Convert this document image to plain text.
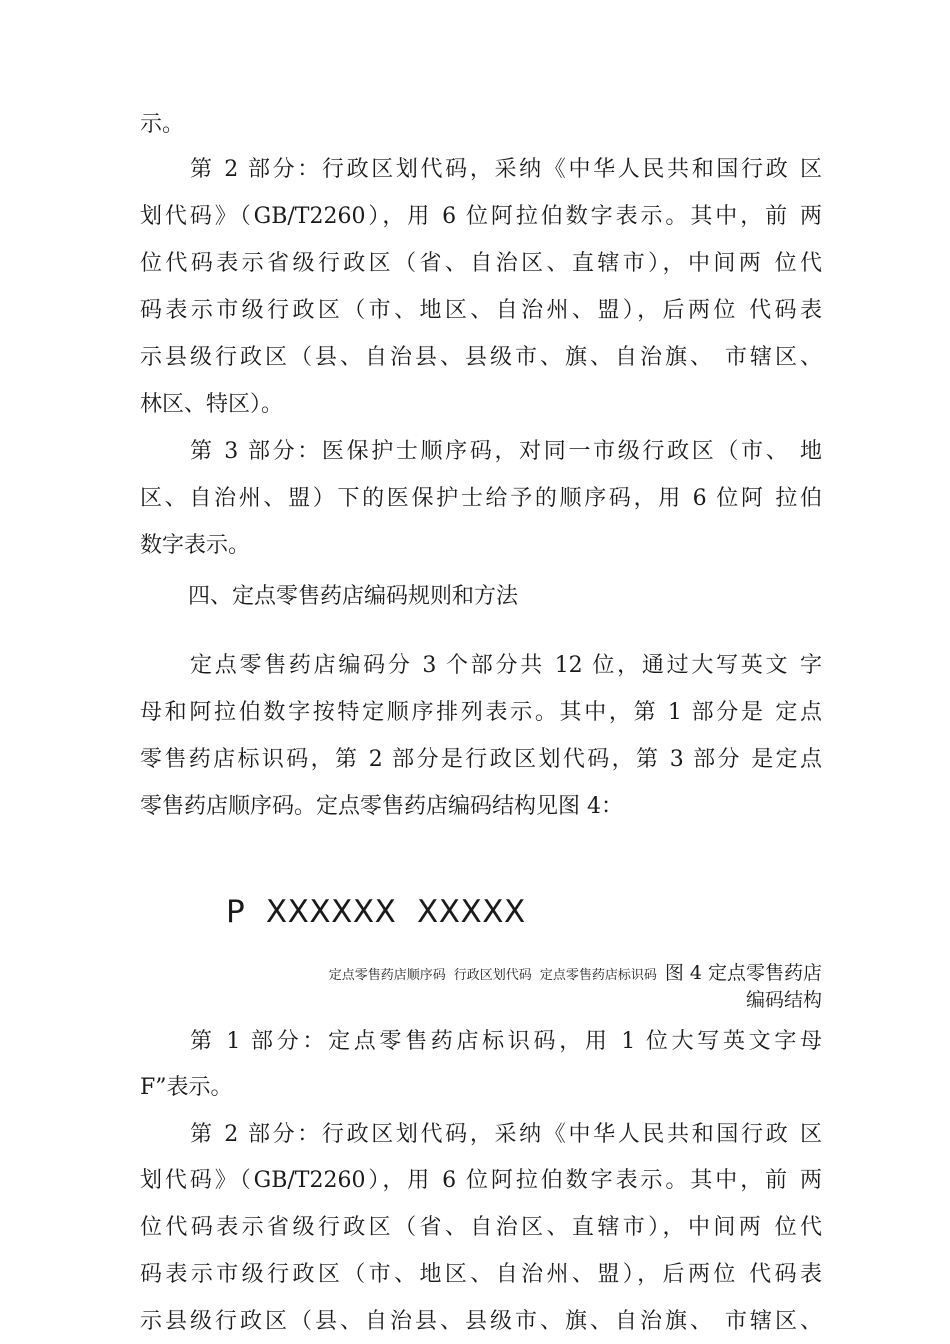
示。
第 2 部分：行政区划代码，采纳《中华人民共和国行政 区
划代码》（GB/T2260），用 6 位阿拉伯数字表示。其中，前 两
位代码表示省级行政区（省、自治区、直辖市），中间两 位代
码表示市级行政区（市、地区、自治州、盟），后两位 代码表
示县级行政区（县、自治县、县级市、旗、自治旗、 市辖区、
林区、特区）。
第 3 部分：医保护士顺序码，对同一市级行政区（市、 地
区、自治州、盟）下的医保护士给予的顺序码，用 6 位阿 拉伯
数字表示。
四、定点零售药店编码规则和方法
定点零售药店编码分 3 个部分共 12 位，通过大写英文 字
母和阿拉伯数字按特定顺序排列表示。其中，第 1 部分是 定点
零售药店标识码，第 2 部分是行政区划代码，第 3 部分 是定点
零售药店顺序码。定点零售药店编码结构见图 4：
P  XXXXXX  XXXXX
定点零售药店顺序码 行政区划代码 定点零售药店标识码 图 4 定点零售药店
编码结构
第 1 部分：定点零售药店标识码，用 1 位大写英文字母
F”表示。
第 2 部分：行政区划代码，采纳《中华人民共和国行政 区
划代码》（GB/T2260），用 6 位阿拉伯数字表示。其中，前 两
位代码表示省级行政区（省、自治区、直辖市），中间两 位代
码表示市级行政区（市、地区、自治州、盟），后两位 代码表
示县级行政区（县、自治县、县级市、旗、自治旗、 市辖区、
